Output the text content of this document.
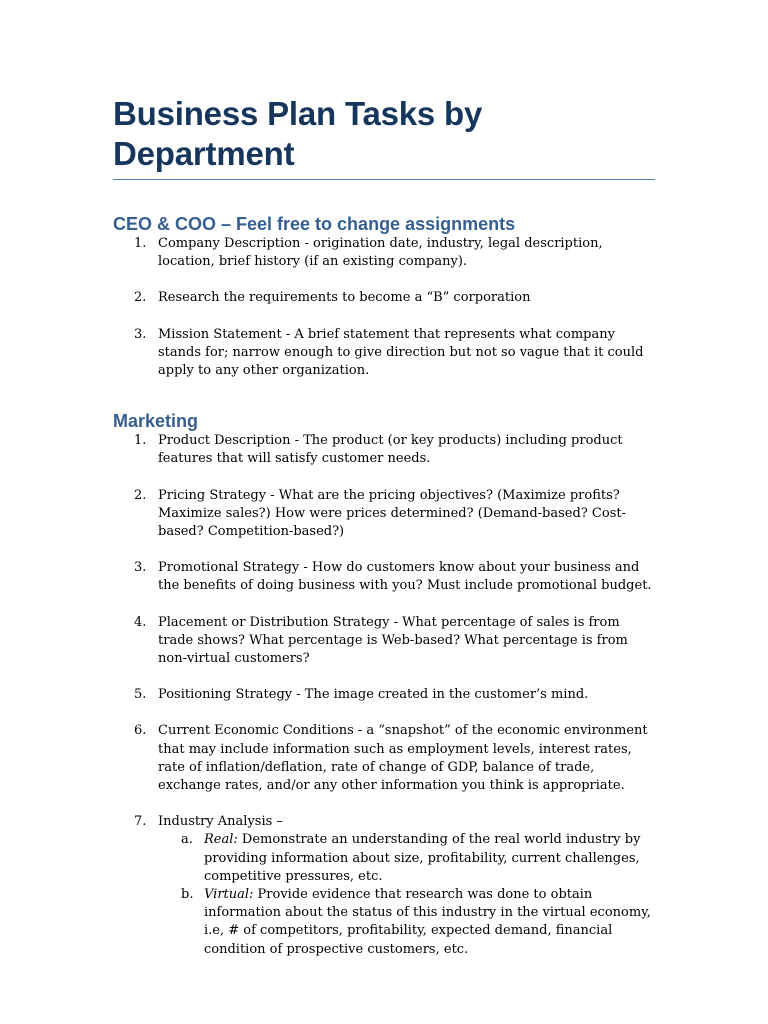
Business Plan Tasks by Department
CEO & COO – Feel free to change assignments
1. Company Description - origination date, industry, legal description, location, brief history (if an existing company).
2. Research the requirements to become a “B” corporation
3. Mission Statement - A brief statement that represents what company stands for; narrow enough to give direction but not so vague that it could apply to any other organization.
Marketing
1. Product Description - The product (or key products) including product features that will satisfy customer needs.
2. Pricing Strategy - What are the pricing objectives? (Maximize profits? Maximize sales?) How were prices determined? (Demand-based? Cost-based? Competition-based?)
3. Promotional Strategy - How do customers know about your business and the benefits of doing business with you? Must include promotional budget.
4. Placement or Distribution Strategy - What percentage of sales is from trade shows? What percentage is Web-based? What percentage is from non-virtual customers?
5. Positioning Strategy - The image created in the customer’s mind.
6. Current Economic Conditions - a “snapshot” of the economic environment that may include information such as employment levels, interest rates, rate of inflation/deflation, rate of change of GDP, balance of trade, exchange rates, and/or any other information you think is appropriate.
7. Industry Analysis –
a. Real: Demonstrate an understanding of the real world industry by providing information about size, profitability, current challenges, competitive pressures, etc.
b. Virtual: Provide evidence that research was done to obtain information about the status of this industry in the virtual economy, i.e, # of competitors, profitability, expected demand, financial condition of prospective customers, etc.
